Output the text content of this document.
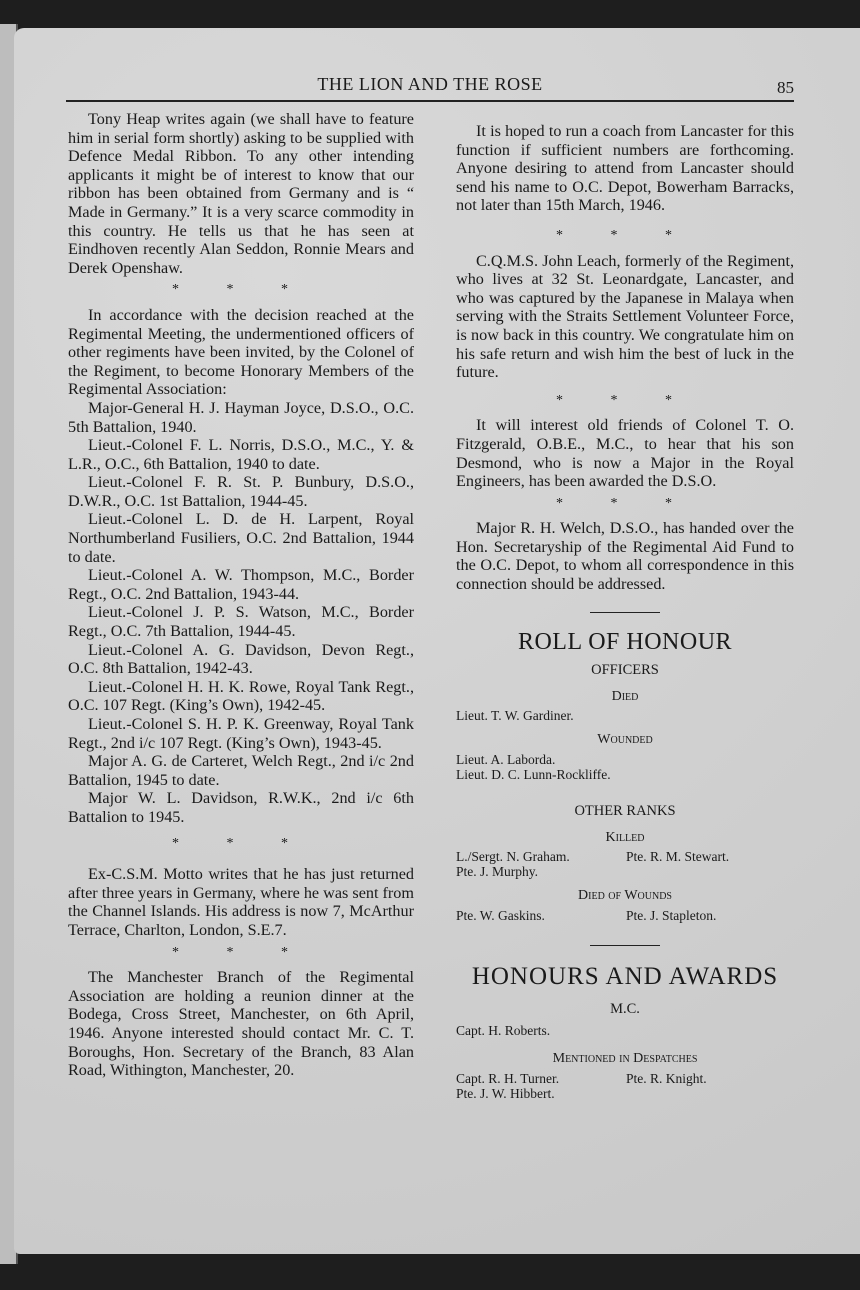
THE LION AND THE ROSE	85

Tony Heap writes again (we shall have to feature him in serial form shortly) asking to be supplied with Defence Medal Ribbon. To any other intending applicants it might be of interest to know that our ribbon has been obtained from Germany and is “ Made in Germany.” It is a very scarce commodity in this country. He tells us that he has seen at Eindhoven recently Alan Seddon, Ronnie Mears and Derek Openshaw.

* * *

In accordance with the decision reached at the Regimental Meeting, the undermentioned officers of other regiments have been invited, by the Colonel of the Regiment, to become Honorary Members of the Regimental Association:

Major-General H. J. Hayman Joyce, D.S.O., O.C. 5th Battalion, 1940.

Lieut.-Colonel F. L. Norris, D.S.O., M.C., Y. & L.R., O.C., 6th Battalion, 1940 to date.

Lieut.-Colonel F. R. St. P. Bunbury, D.S.O., D.W.R., O.C. 1st Battalion, 1944-45.

Lieut.-Colonel L. D. de H. Larpent, Royal Northumberland Fusiliers, O.C. 2nd Battalion, 1944 to date.

Lieut.-Colonel A. W. Thompson, M.C., Border Regt., O.C. 2nd Battalion, 1943-44.

Lieut.-Colonel J. P. S. Watson, M.C., Border Regt., O.C. 7th Battalion, 1944-45.

Lieut.-Colonel A. G. Davidson, Devon Regt., O.C. 8th Battalion, 1942-43.

Lieut.-Colonel H. H. K. Rowe, Royal Tank Regt., O.C. 107 Regt. (King’s Own), 1942-45.

Lieut.-Colonel S. H. P. K. Greenway, Royal Tank Regt., 2nd i/c 107 Regt. (King’s Own), 1943-45.

Major A. G. de Carteret, Welch Regt., 2nd i/c 2nd Battalion, 1945 to date.

Major W. L. Davidson, R.W.K., 2nd i/c 6th Battalion to 1945.

* * *

Ex-C.S.M. Motto writes that he has just returned after three years in Germany, where he was sent from the Channel Islands. His address is now 7, McArthur Terrace, Charlton, London, S.E.7.

* * *

The Manchester Branch of the Regimental Association are holding a reunion dinner at the Bodega, Cross Street, Manchester, on 6th April, 1946. Anyone interested should contact Mr. C. T. Boroughs, Hon. Secretary of the Branch, 83 Alan Road, Withington, Manchester, 20.

It is hoped to run a coach from Lancaster for this function if sufficient numbers are forthcoming. Anyone desiring to attend from Lancaster should send his name to O.C. Depot, Bowerham Barracks, not later than 15th March, 1946.

* * *

C.Q.M.S. John Leach, formerly of the Regiment, who lives at 32 St. Leonardgate, Lancaster, and who was captured by the Japanese in Malaya when serving with the Straits Settlement Volunteer Force, is now back in this country. We congratulate him on his safe return and wish him the best of luck in the future.

* * *

It will interest old friends of Colonel T. O. Fitzgerald, O.B.E., M.C., to hear that his son Desmond, who is now a Major in the Royal Engineers, has been awarded the D.S.O.

* * *

Major R. H. Welch, D.S.O., has handed over the Hon. Secretaryship of the Regimental Aid Fund to the O.C. Depot, to whom all correspondence in this connection should be addressed.

ROLL OF HONOUR
OFFICERS
Died
Lieut. T. W. Gardiner.
Wounded
Lieut. A. Laborda.
Lieut. D. C. Lunn-Rockliffe.
OTHER RANKS
Killed
L./Sergt. N. Graham.	Pte. R. M. Stewart.
Pte. J. Murphy.
Died of Wounds
Pte. W. Gaskins.	Pte. J. Stapleton.
HONOURS AND AWARDS
M.C.
Capt. H. Roberts.
Mentioned in Despatches
Capt. R. H. Turner.	Pte. R. Knight.
Pte. J. W. Hibbert.
